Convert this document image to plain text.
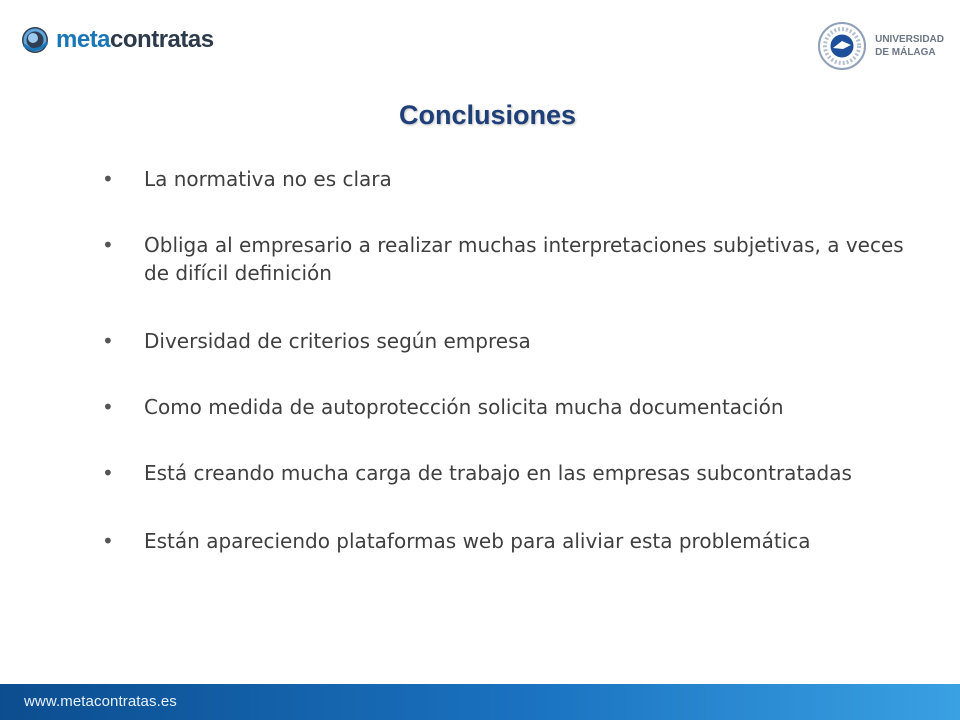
metacontratas	UNIVERSIDAD
DE MÁLAGA
Conclusiones
• La normativa no es clara
• Obliga al empresario a realizar muchas interpretaciones subjetivas, a veces de difícil definición
• Diversidad de criterios según empresa
• Como medida de autoprotección solicita mucha documentación
• Está creando mucha carga de trabajo en las empresas subcontratadas
• Están apareciendo plataformas web para aliviar esta problemática
www.metacontratas.es
